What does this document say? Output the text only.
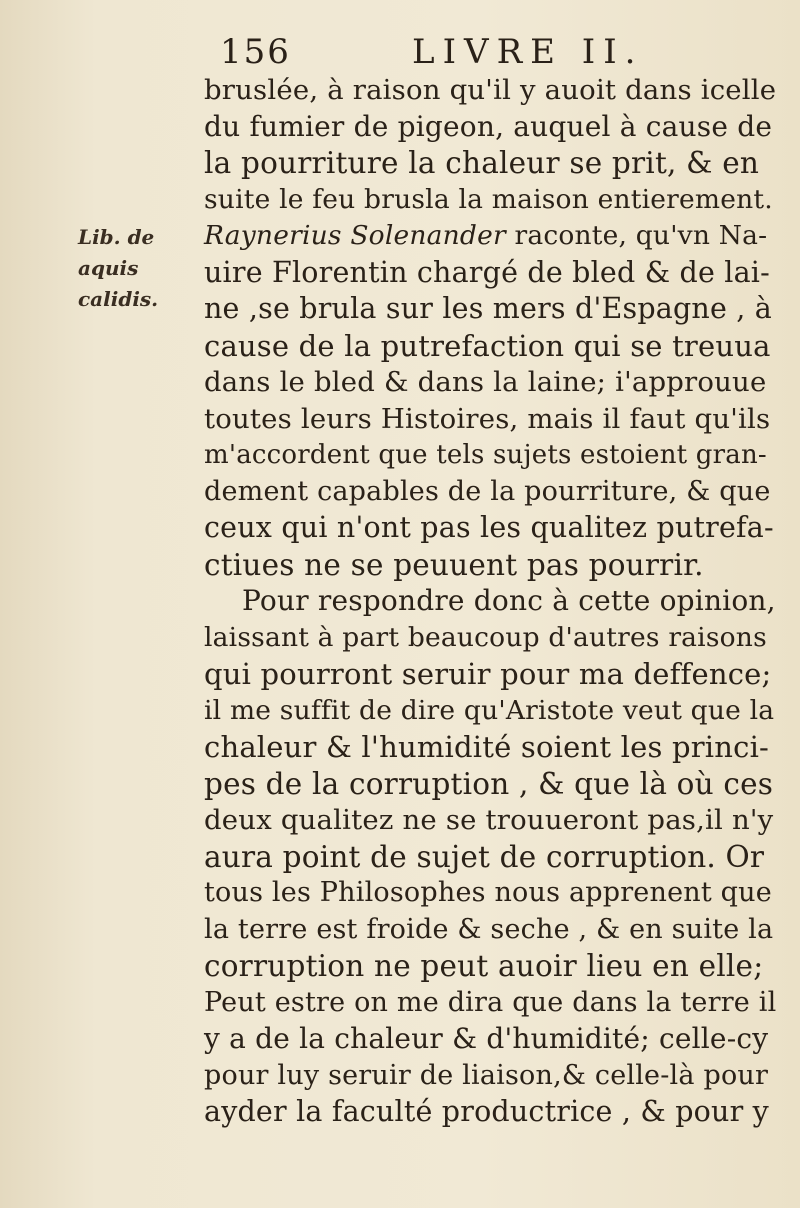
156	LIVRE II.
Lib. de aquis
calidis.
bruslée, à raison qu'il y auoit dans icelle
du fumier de pigeon, auquel à cause de
la pourriture la chaleur se prit, & en
suite le feu brusla la maison entierement.
Raynerius Solenander raconte, qu'vn Na-
uire Florentin chargé de bled & de lai-
ne ,se brula sur les mers d'Espagne , à
cause de la putrefaction qui se treuua
dans le bled & dans la laine; i'approuue
toutes leurs Histoires, mais il faut qu'ils
m'accordent que tels sujets estoient gran-
dement capables de la pourriture, & que
ceux qui n'ont pas les qualitez putrefa-
ctiues ne se peuuent pas pourrir.
Pour respondre donc à cette opinion,
laissant à part beaucoup d'autres raisons
qui pourront seruir pour ma deffence;
il me suffit de dire qu'Aristote veut que la
chaleur & l'humidité soient les princi-
pes de la corruption , & que là où ces
deux qualitez ne se trouueront pas,il n'y
aura point de sujet de corruption. Or
tous les Philosophes nous apprenent que
la terre est froide & seche , & en suite la
corruption ne peut auoir lieu en elle;
Peut estre on me dira que dans la terre il
y a de la chaleur & d'humidité; celle-cy
pour luy seruir de liaison,& celle-là pour
ayder la faculté productrice , & pour y
